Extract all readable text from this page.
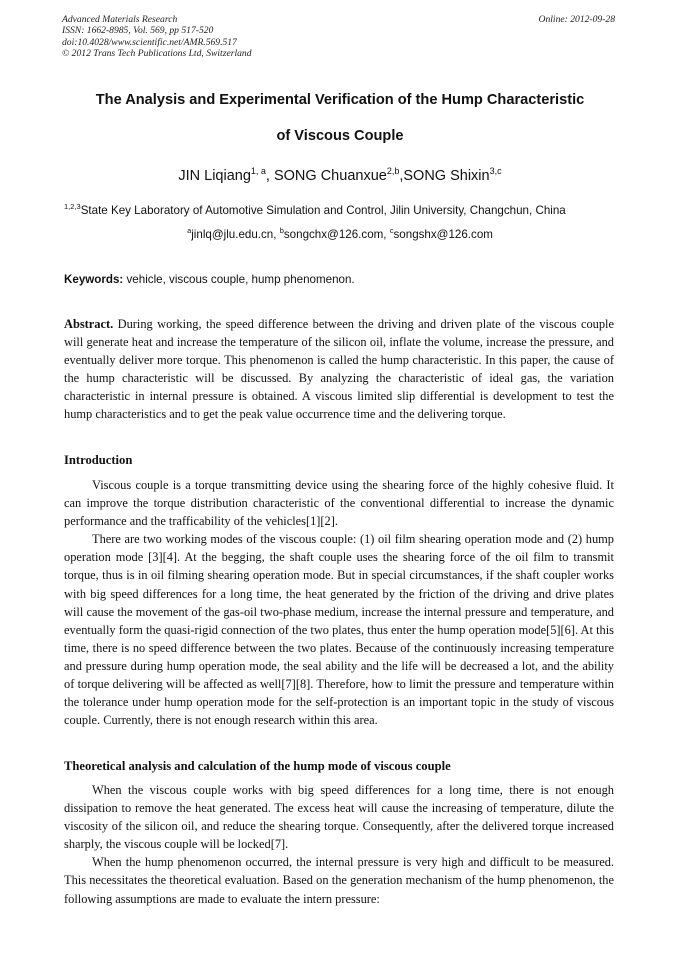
Advanced Materials Research
ISSN: 1662-8985, Vol. 569, pp 517-520
doi:10.4028/www.scientific.net/AMR.569.517
© 2012 Trans Tech Publications Ltd, Switzerland
Online: 2012-09-28
The Analysis and Experimental Verification of the Hump Characteristic
of Viscous Couple
JIN Liqiang$^{1, a}$, SONG Chuanxue$^{2,b}$,SONG Shixin$^{3,c}$
$^{1,2,3}$State Key Laboratory of Automotive Simulation and Control, Jilin University, Changchun, China
$^a$jinlq@jlu.edu.cn, $^b$songchx@126.com, $^c$songshx@126.com
Keywords: vehicle, viscous couple, hump phenomenon.

Abstract. During working, the speed difference between the driving and driven plate of the viscous couple will generate heat and increase the temperature of the silicon oil, inflate the volume, increase the pressure, and eventually deliver more torque. This phenomenon is called the hump characteristic. In this paper, the cause of the hump characteristic will be discussed. By analyzing the characteristic of ideal gas, the variation characteristic in internal pressure is obtained. A viscous limited slip differential is development to test the hump characteristics and to get the peak value occurrence time and the delivering torque.

Introduction

Viscous couple is a torque transmitting device using the shearing force of the highly cohesive fluid. It can improve the torque distribution characteristic of the conventional differential to increase the dynamic performance and the trafficability of the vehicles[1][2].

There are two working modes of the viscous couple: (1) oil film shearing operation mode and (2) hump operation mode [3][4]. At the begging, the shaft couple uses the shearing force of the oil film to transmit torque, thus is in oil filming shearing operation mode. But in special circumstances, if the shaft coupler works with big speed differences for a long time, the heat generated by the friction of the driving and drive plates will cause the movement of the gas-oil two-phase medium, increase the internal pressure and temperature, and eventually form the quasi-rigid connection of the two plates, thus enter the hump operation mode[5][6]. At this time, there is no speed difference between the two plates. Because of the continuously increasing temperature and pressure during hump operation mode, the seal ability and the life will be decreased a lot, and the ability of torque delivering will be affected as well[7][8]. Therefore, how to limit the pressure and temperature within the tolerance under hump operation mode for the self-protection is an important topic in the study of viscous couple. Currently, there is not enough research within this area.

Theoretical analysis and calculation of the hump mode of viscous couple

When the viscous couple works with big speed differences for a long time, there is not enough dissipation to remove the heat generated. The excess heat will cause the increasing of temperature, dilute the viscosity of the silicon oil, and reduce the shearing torque. Consequently, after the delivered torque increased sharply, the viscous couple will be locked[7].

When the hump phenomenon occurred, the internal pressure is very high and difficult to be measured. This necessitates the theoretical evaluation. Based on the generation mechanism of the hump phenomenon, the following assumptions are made to evaluate the intern pressure:
